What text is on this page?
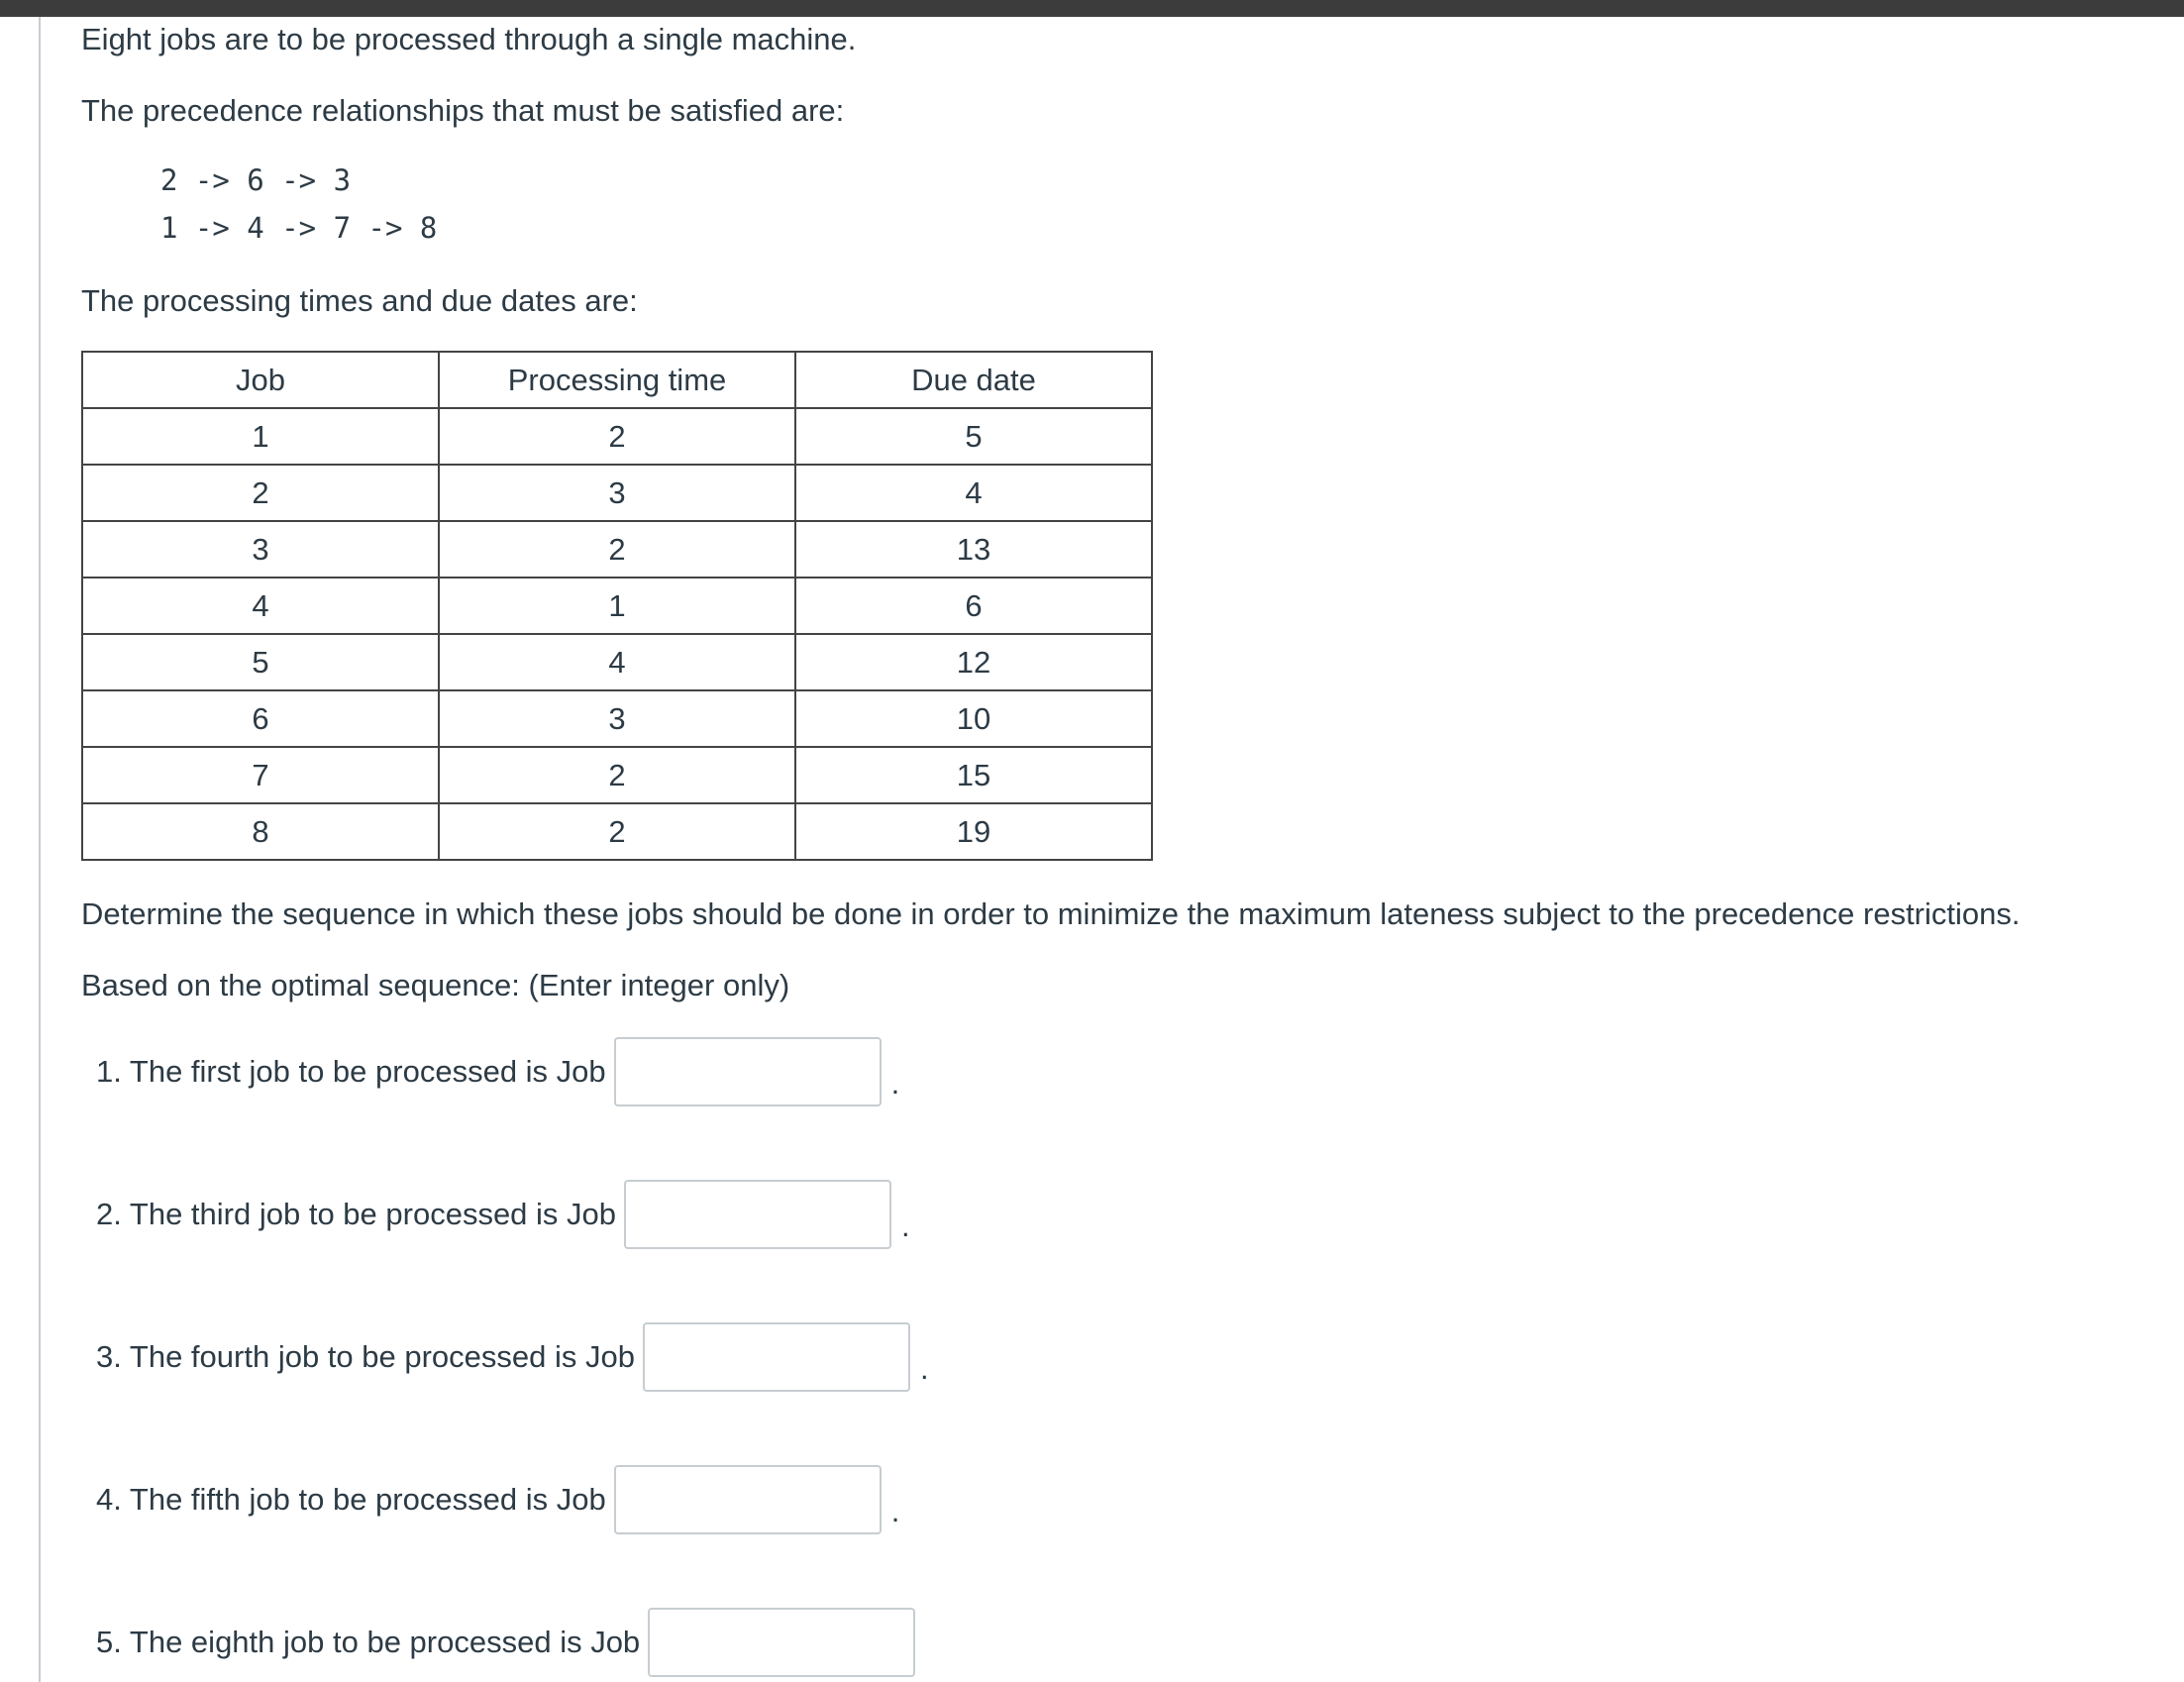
Eight jobs are to be processed through a single machine.

The precedence relationships that must be satisfied are:

2 -> 6 -> 3
1 -> 4 -> 7 -> 8

The processing times and due dates are:

Job	Processing time	Due date
1	2	5
2	3	4
3	2	13
4	1	6
5	4	12
6	3	10
7	2	15
8	2	19

Determine the sequence in which these jobs should be done in order to minimize the maximum lateness subject to the precedence restrictions.

Based on the optimal sequence: (Enter integer only)

1. The first job to be processed is Job	.
2. The third job to be processed is Job	.
3. The fourth job to be processed is Job	.
4. The fifth job to be processed is Job	.
5. The eighth job to be processed is Job
